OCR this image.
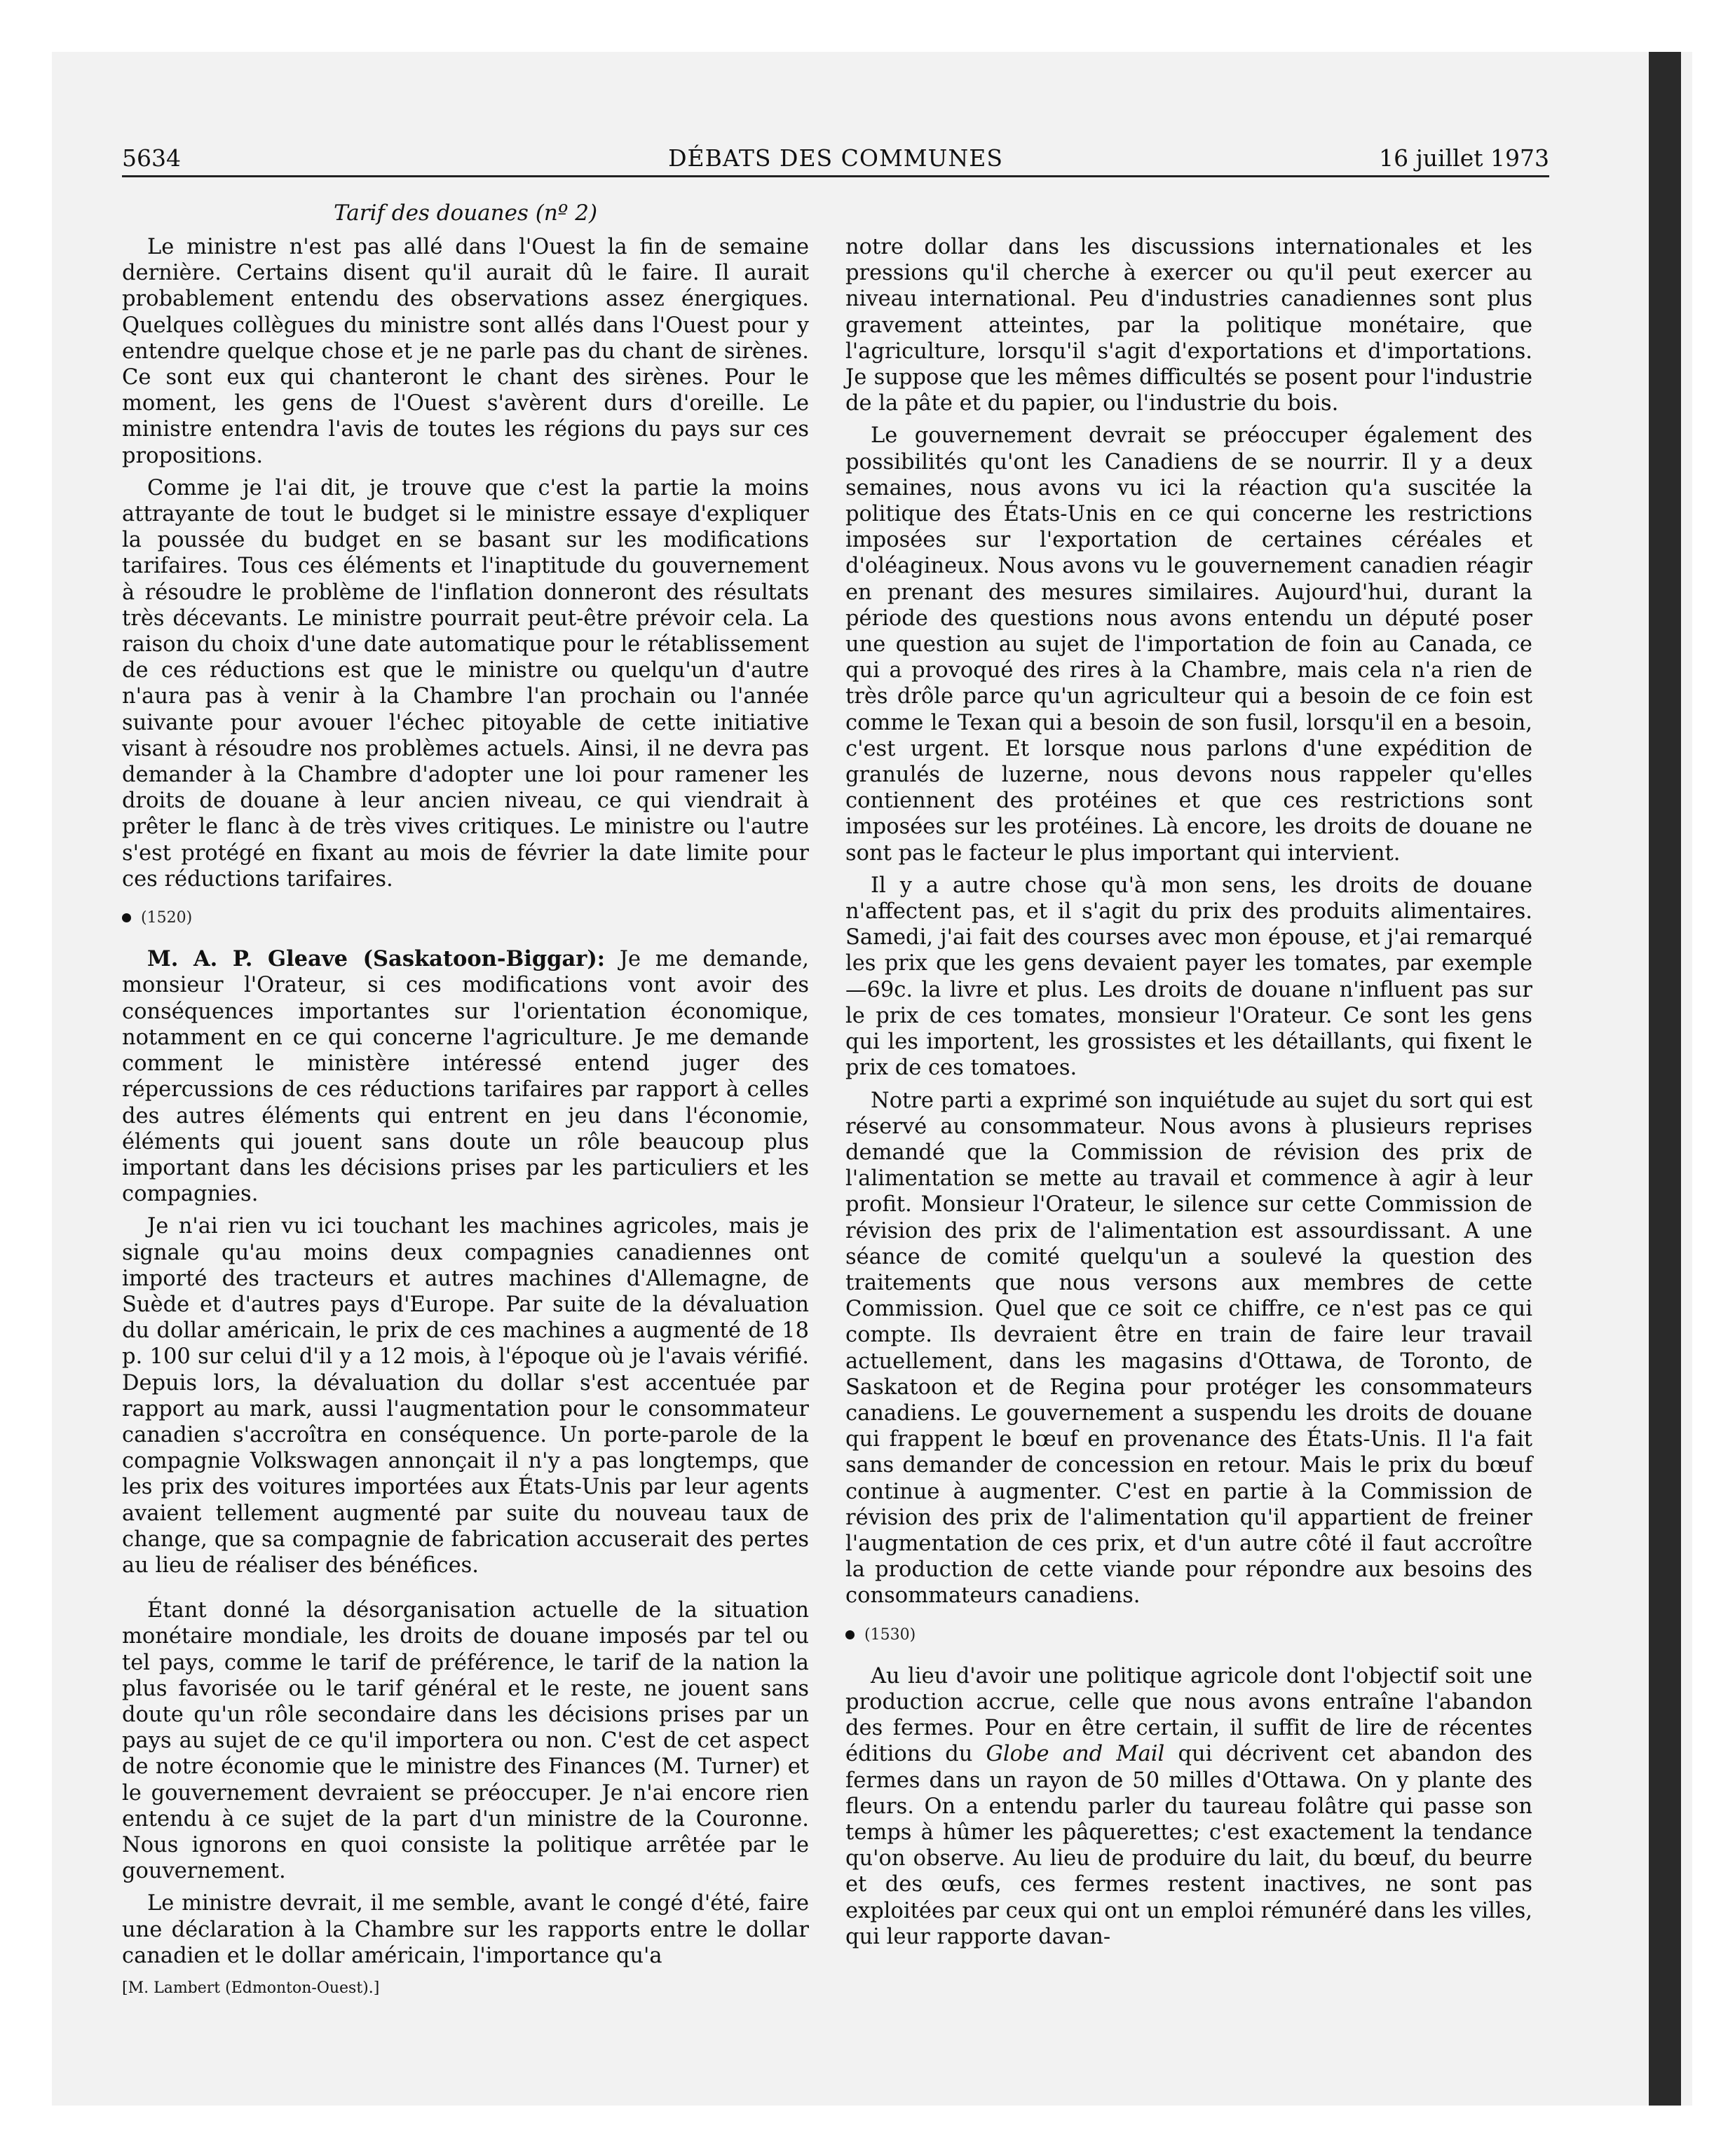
5634	DÉBATS DES COMMUNES	16 juillet 1973
Tarif des douanes (nº 2)

Le ministre n'est pas allé dans l'Ouest la fin de semaine dernière. Certains disent qu'il aurait dû le faire. Il aurait probablement entendu des observations assez énergiques. Quelques collègues du ministre sont allés dans l'Ouest pour y entendre quelque chose et je ne parle pas du chant de sirènes. Ce sont eux qui chanteront le chant des sirènes. Pour le moment, les gens de l'Ouest s'avèrent durs d'oreille. Le ministre entendra l'avis de toutes les régions du pays sur ces propositions.

Comme je l'ai dit, je trouve que c'est la partie la moins attrayante de tout le budget si le ministre essaye d'expliquer la poussée du budget en se basant sur les modifications tarifaires. Tous ces éléments et l'inaptitude du gouvernement à résoudre le problème de l'inflation donneront des résultats très décevants. Le ministre pourrait peut-être prévoir cela. La raison du choix d'une date automatique pour le rétablissement de ces réductions est que le ministre ou quelqu'un d'autre n'aura pas à venir à la Chambre l'an prochain ou l'année suivante pour avouer l'échec pitoyable de cette initiative visant à résoudre nos problèmes actuels. Ainsi, il ne devra pas demander à la Chambre d'adopter une loi pour ramener les droits de douane à leur ancien niveau, ce qui viendrait à prêter le flanc à de très vives critiques. Le ministre ou l'autre s'est protégé en fixant au mois de février la date limite pour ces réductions tarifaires.

(1520)

M. A. P. Gleave (Saskatoon-Biggar): Je me demande, monsieur l'Orateur, si ces modifications vont avoir des conséquences importantes sur l'orientation économique, notamment en ce qui concerne l'agriculture. Je me demande comment le ministère intéressé entend juger des répercussions de ces réductions tarifaires par rapport à celles des autres éléments qui entrent en jeu dans l'économie, éléments qui jouent sans doute un rôle beaucoup plus important dans les décisions prises par les particuliers et les compagnies.

Je n'ai rien vu ici touchant les machines agricoles, mais je signale qu'au moins deux compagnies canadiennes ont importé des tracteurs et autres machines d'Allemagne, de Suède et d'autres pays d'Europe. Par suite de la dévaluation du dollar américain, le prix de ces machines a augmenté de 18 p. 100 sur celui d'il y a 12 mois, à l'époque où je l'avais vérifié. Depuis lors, la dévaluation du dollar s'est accentuée par rapport au mark, aussi l'augmentation pour le consommateur canadien s'accroîtra en conséquence. Un porte-parole de la compagnie Volkswagen annonçait il n'y a pas longtemps, que les prix des voitures importées aux États-Unis par leur agents avaient tellement augmenté par suite du nouveau taux de change, que sa compagnie de fabrication accuserait des pertes au lieu de réaliser des bénéfices.

Étant donné la désorganisation actuelle de la situation monétaire mondiale, les droits de douane imposés par tel ou tel pays, comme le tarif de préférence, le tarif de la nation la plus favorisée ou le tarif général et le reste, ne jouent sans doute qu'un rôle secondaire dans les décisions prises par un pays au sujet de ce qu'il importera ou non. C'est de cet aspect de notre économie que le ministre des Finances (M. Turner) et le gouvernement devraient se préoccuper. Je n'ai encore rien entendu à ce sujet de la part d'un ministre de la Couronne. Nous ignorons en quoi consiste la politique arrêtée par le gouvernement.

Le ministre devrait, il me semble, avant le congé d'été, faire une déclaration à la Chambre sur les rapports entre le dollar canadien et le dollar américain, l'importance qu'a

[M. Lambert (Edmonton-Ouest).]

notre dollar dans les discussions internationales et les pressions qu'il cherche à exercer ou qu'il peut exercer au niveau international. Peu d'industries canadiennes sont plus gravement atteintes, par la politique monétaire, que l'agriculture, lorsqu'il s'agit d'exportations et d'importations. Je suppose que les mêmes difficultés se posent pour l'industrie de la pâte et du papier, ou l'industrie du bois.

Le gouvernement devrait se préoccuper également des possibilités qu'ont les Canadiens de se nourrir. Il y a deux semaines, nous avons vu ici la réaction qu'a suscitée la politique des États-Unis en ce qui concerne les restrictions imposées sur l'exportation de certaines céréales et d'oléagineux. Nous avons vu le gouvernement canadien réagir en prenant des mesures similaires. Aujourd'hui, durant la période des questions nous avons entendu un député poser une question au sujet de l'importation de foin au Canada, ce qui a provoqué des rires à la Chambre, mais cela n'a rien de très drôle parce qu'un agriculteur qui a besoin de ce foin est comme le Texan qui a besoin de son fusil, lorsqu'il en a besoin, c'est urgent. Et lorsque nous parlons d'une expédition de granulés de luzerne, nous devons nous rappeler qu'elles contiennent des protéines et que ces restrictions sont imposées sur les protéines. Là encore, les droits de douane ne sont pas le facteur le plus important qui intervient.

Il y a autre chose qu'à mon sens, les droits de douane n'affectent pas, et il s'agit du prix des produits alimentaires. Samedi, j'ai fait des courses avec mon épouse, et j'ai remarqué les prix que les gens devaient payer les tomates, par exemple—69c. la livre et plus. Les droits de douane n'influent pas sur le prix de ces tomates, monsieur l'Orateur. Ce sont les gens qui les importent, les grossistes et les détaillants, qui fixent le prix de ces tomatoes.

Notre parti a exprimé son inquiétude au sujet du sort qui est réservé au consommateur. Nous avons à plusieurs reprises demandé que la Commission de révision des prix de l'alimentation se mette au travail et commence à agir à leur profit. Monsieur l'Orateur, le silence sur cette Commission de révision des prix de l'alimentation est assourdissant. A une séance de comité quelqu'un a soulevé la question des traitements que nous versons aux membres de cette Commission. Quel que ce soit ce chiffre, ce n'est pas ce qui compte. Ils devraient être en train de faire leur travail actuellement, dans les magasins d'Ottawa, de Toronto, de Saskatoon et de Regina pour protéger les consommateurs canadiens. Le gouvernement a suspendu les droits de douane qui frappent le bœuf en provenance des États-Unis. Il l'a fait sans demander de concession en retour. Mais le prix du bœuf continue à augmenter. C'est en partie à la Commission de révision des prix de l'alimentation qu'il appartient de freiner l'augmentation de ces prix, et d'un autre côté il faut accroître la production de cette viande pour répondre aux besoins des consommateurs canadiens.

(1530)

Au lieu d'avoir une politique agricole dont l'objectif soit une production accrue, celle que nous avons entraîne l'abandon des fermes. Pour en être certain, il suffit de lire de récentes éditions du Globe and Mail qui décrivent cet abandon des fermes dans un rayon de 50 milles d'Ottawa. On y plante des fleurs. On a entendu parler du taureau folâtre qui passe son temps à hûmer les pâquerettes; c'est exactement la tendance qu'on observe. Au lieu de produire du lait, du bœuf, du beurre et des œufs, ces fermes restent inactives, ne sont pas exploitées par ceux qui ont un emploi rémunéré dans les villes, qui leur rapporte davan-
